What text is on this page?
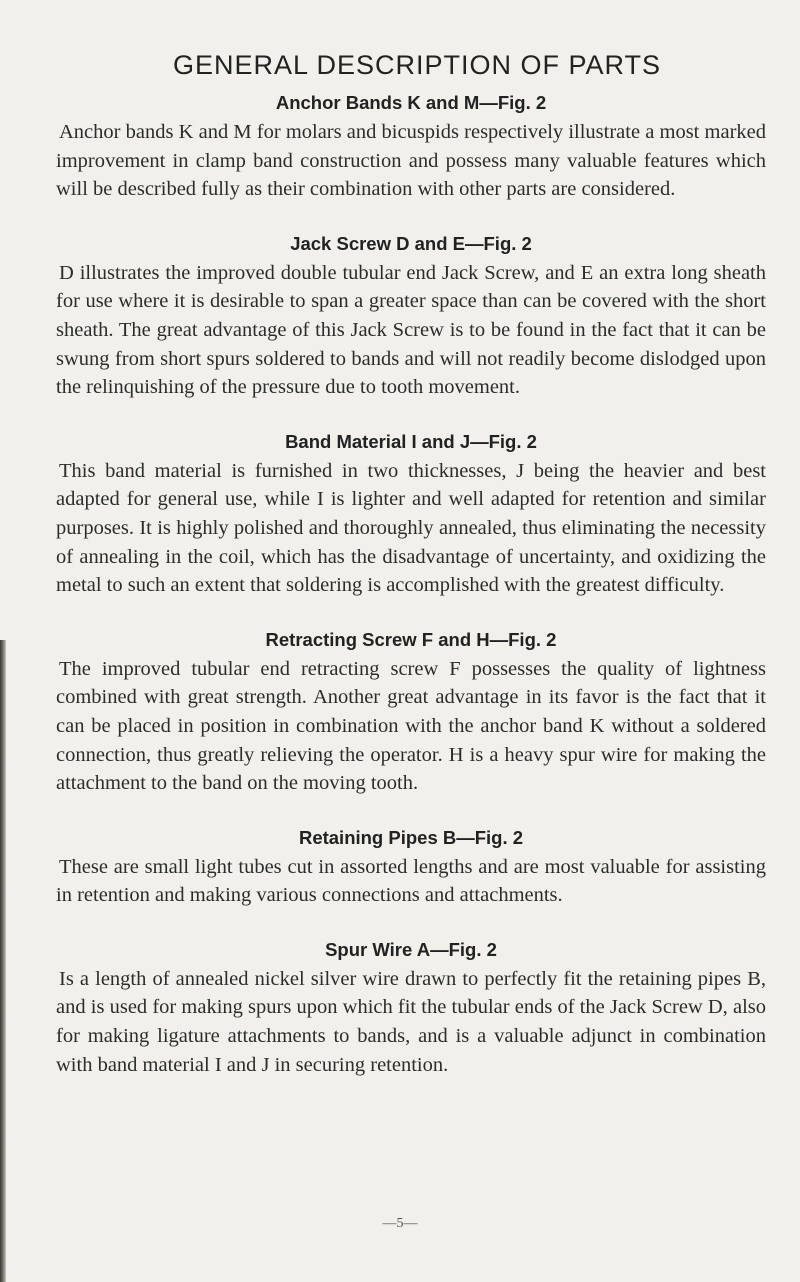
GENERAL DESCRIPTION OF PARTS
Anchor Bands K and M—Fig. 2

Anchor bands K and M for molars and bicuspids respectively illustrate a most marked improvement in clamp band construction and possess many valuable features which will be described fully as their combination with other parts are considered.

Jack Screw D and E—Fig. 2

D illustrates the improved double tubular end Jack Screw, and E an extra long sheath for use where it is desirable to span a greater space than can be covered with the short sheath. The great advantage of this Jack Screw is to be found in the fact that it can be swung from short spurs soldered to bands and will not readily become dislodged upon the relinquishing of the pressure due to tooth movement.

Band Material I and J—Fig. 2

This band material is furnished in two thicknesses, J being the heavier and best adapted for general use, while I is lighter and well adapted for retention and similar purposes. It is highly polished and thoroughly annealed, thus eliminating the necessity of annealing in the coil, which has the disadvantage of uncertainty, and oxidizing the metal to such an extent that soldering is accomplished with the greatest difficulty.

Retracting Screw F and H—Fig. 2

The improved tubular end retracting screw F possesses the quality of lightness combined with great strength. Another great advantage in its favor is the fact that it can be placed in position in combination with the anchor band K without a soldered connection, thus greatly relieving the operator. H is a heavy spur wire for making the attachment to the band on the moving tooth.

Retaining Pipes B—Fig. 2

These are small light tubes cut in assorted lengths and are most valuable for assisting in retention and making various connections and attachments.

Spur Wire A—Fig. 2

Is a length of annealed nickel silver wire drawn to perfectly fit the retaining pipes B, and is used for making spurs upon which fit the tubular ends of the Jack Screw D, also for making ligature attachments to bands, and is a valuable adjunct in combination with band material I and J in securing retention.

—5—
